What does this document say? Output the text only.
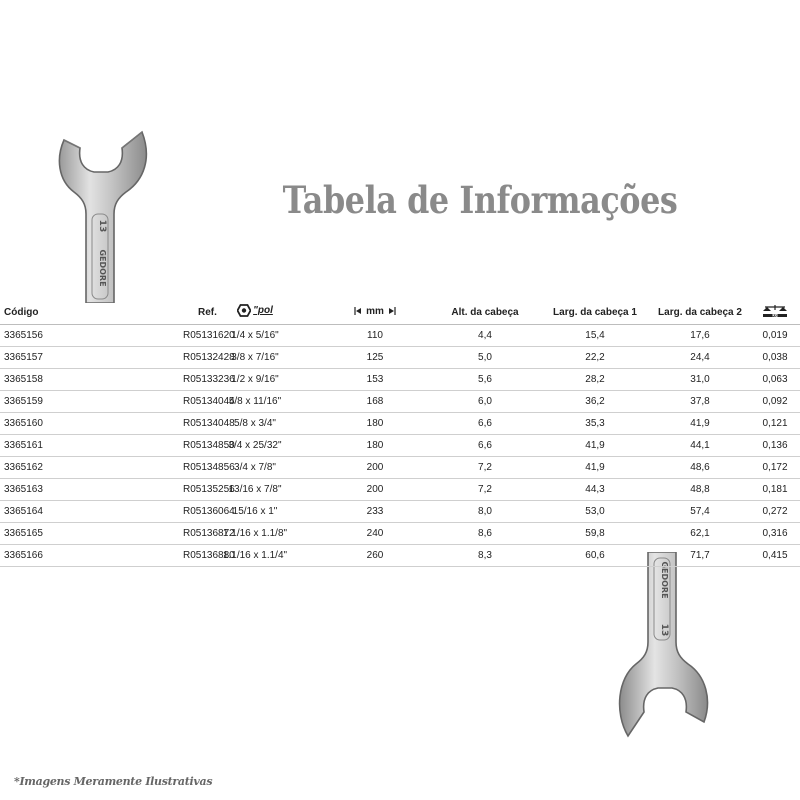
13
GEDORE
GEDORE
13
Tabela de Informações
Código	Ref.	"pol	mm	Alt. da cabeça	Larg. da cabeça 1	Larg. da cabeça 2	kg

3365156	R05131620	1/4 x 5/16"	110	4,4	15,4	17,6	0,019
3365157	R05132428	3/8 x 7/16"	125	5,0	22,2	24,4	0,038
3365158	R05133236	1/2 x 9/16"	153	5,6	28,2	31,0	0,063
3365159	R05134044	5/8 x 11/16"	168	6,0	36,2	37,8	0,092
3365160	R05134048	5/8 x 3/4"	180	6,6	35,3	41,9	0,121
3365161	R05134850	3/4 x 25/32"	180	6,6	41,9	44,1	0,136
3365162	R05134856	3/4 x 7/8"	200	7,2	41,9	48,6	0,172
3365163	R05135256	13/16 x 7/8"	200	7,2	44,3	48,8	0,181
3365164	R05136064	15/16 x 1"	233	8,0	53,0	57,4	0,272
3365165	R05136872	1.1/16 x 1.1/8"	240	8,6	59,8	62,1	0,316
3365166	R05136880	1.1/16 x 1.1/4"	260	8,3	60,6	71,7	0,415
*Imagens Meramente Ilustrativas
